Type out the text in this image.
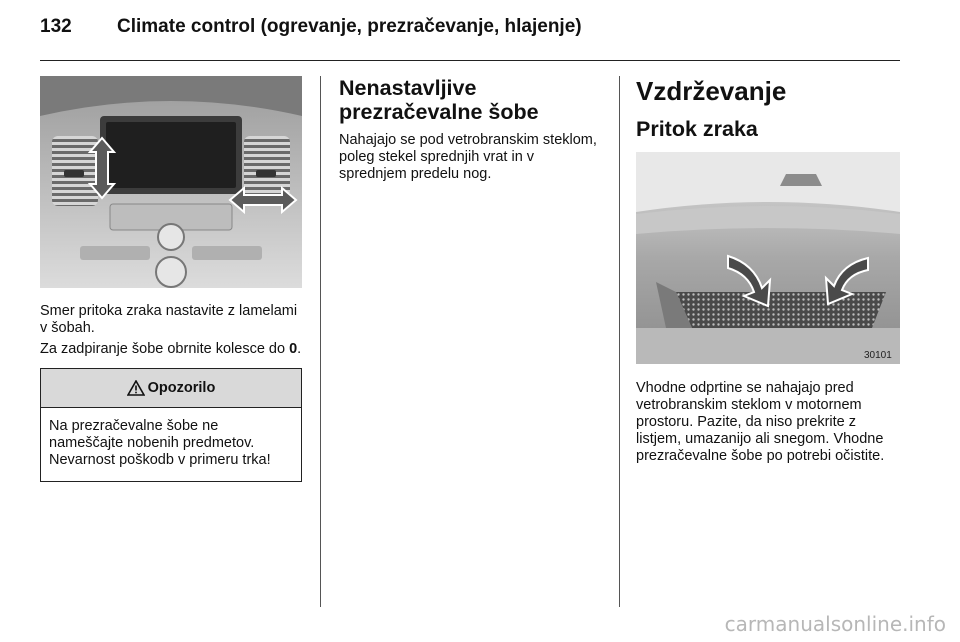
132 Climate control (ogrevanje, prezračevanje, hlajenje)

Smer pritoka zraka nastavite z lamelami v šobah.

Za zadpiranje šobe obrnite kolesce do 0.

Opozorilo
Na prezračevalne šobe ne nameščajte nobenih predmetov. Nevarnost poškodb v primeru trka!
Nenastavljive prezračevalne šobe

Nahajajo se pod vetrobranskim steklom, poleg stekel sprednjih vrat in v sprednjem predelu nog.

Vzdrževanje
Pritok zraka
30101

Vhodne odprtine se nahajajo pred vetrobranskim steklom v motornem prostoru. Pazite, da niso prekrite z listjem, umazanijo ali snegom. Vhodne prezračevalne šobe po potrebi očistite.

carmanualsonline.info
